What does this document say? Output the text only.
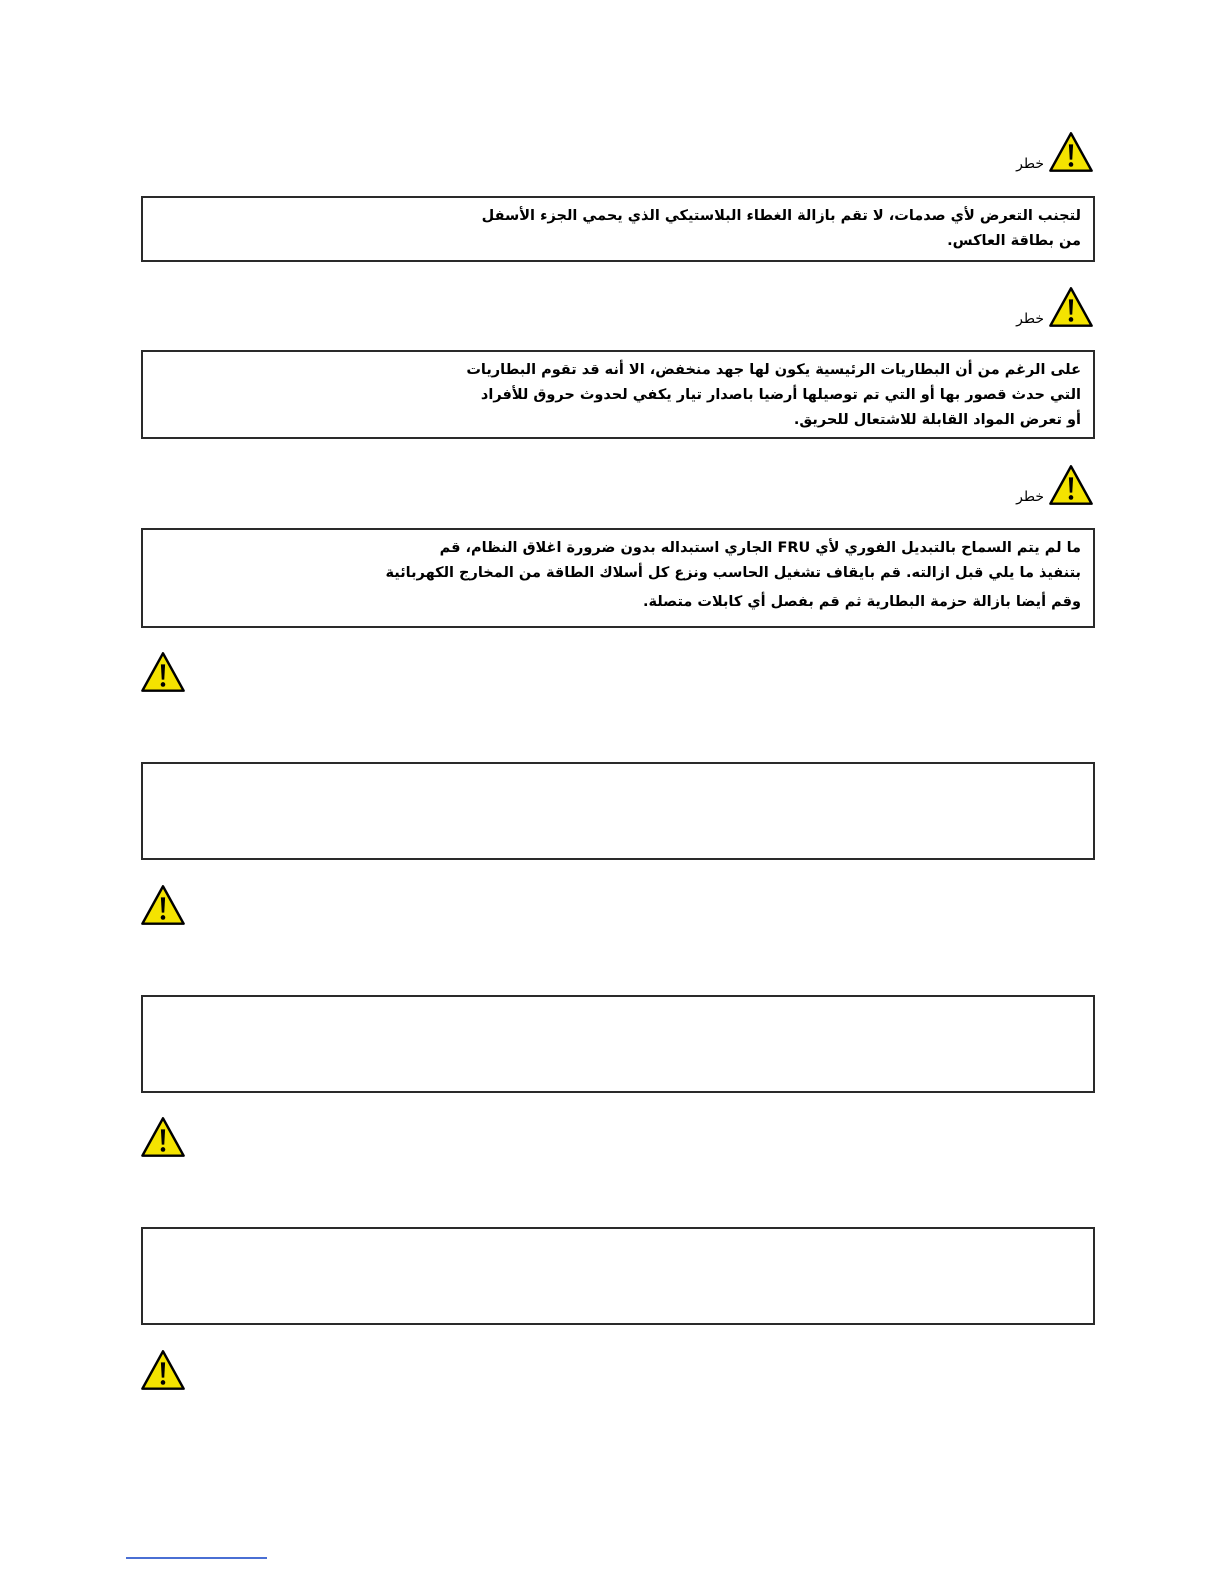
خطر

لتجنب التعرض لأي صدمات، لا تقم بازالة الغطاء البلاستيكي الذي يحمي الجزء الأسفل

من بطاقة العاكس.

خطر

على الرغم من أن البطاريات الرئيسية يكون لها جهد منخفض، الا أنه قد تقوم البطاريات

التي حدث قصور بها أو التي تم توصيلها أرضيا باصدار تيار يكفي لحدوث حروق للأفراد

أو تعرض المواد القابلة للاشتعال للحريق.

خطر

ما لم يتم السماح بالتبديل الفوري لأي FRU الجاري استبداله بدون ضرورة اغلاق النظام، قم

بتنفيذ ما يلي قبل ازالته. قم بايقاف تشغيل الحاسب ونزع كل أسلاك الطاقة من المخارج الكهربائية

وقم أيضا بازالة حزمة البطارية ثم قم بفصل أي كابلات متصلة.
